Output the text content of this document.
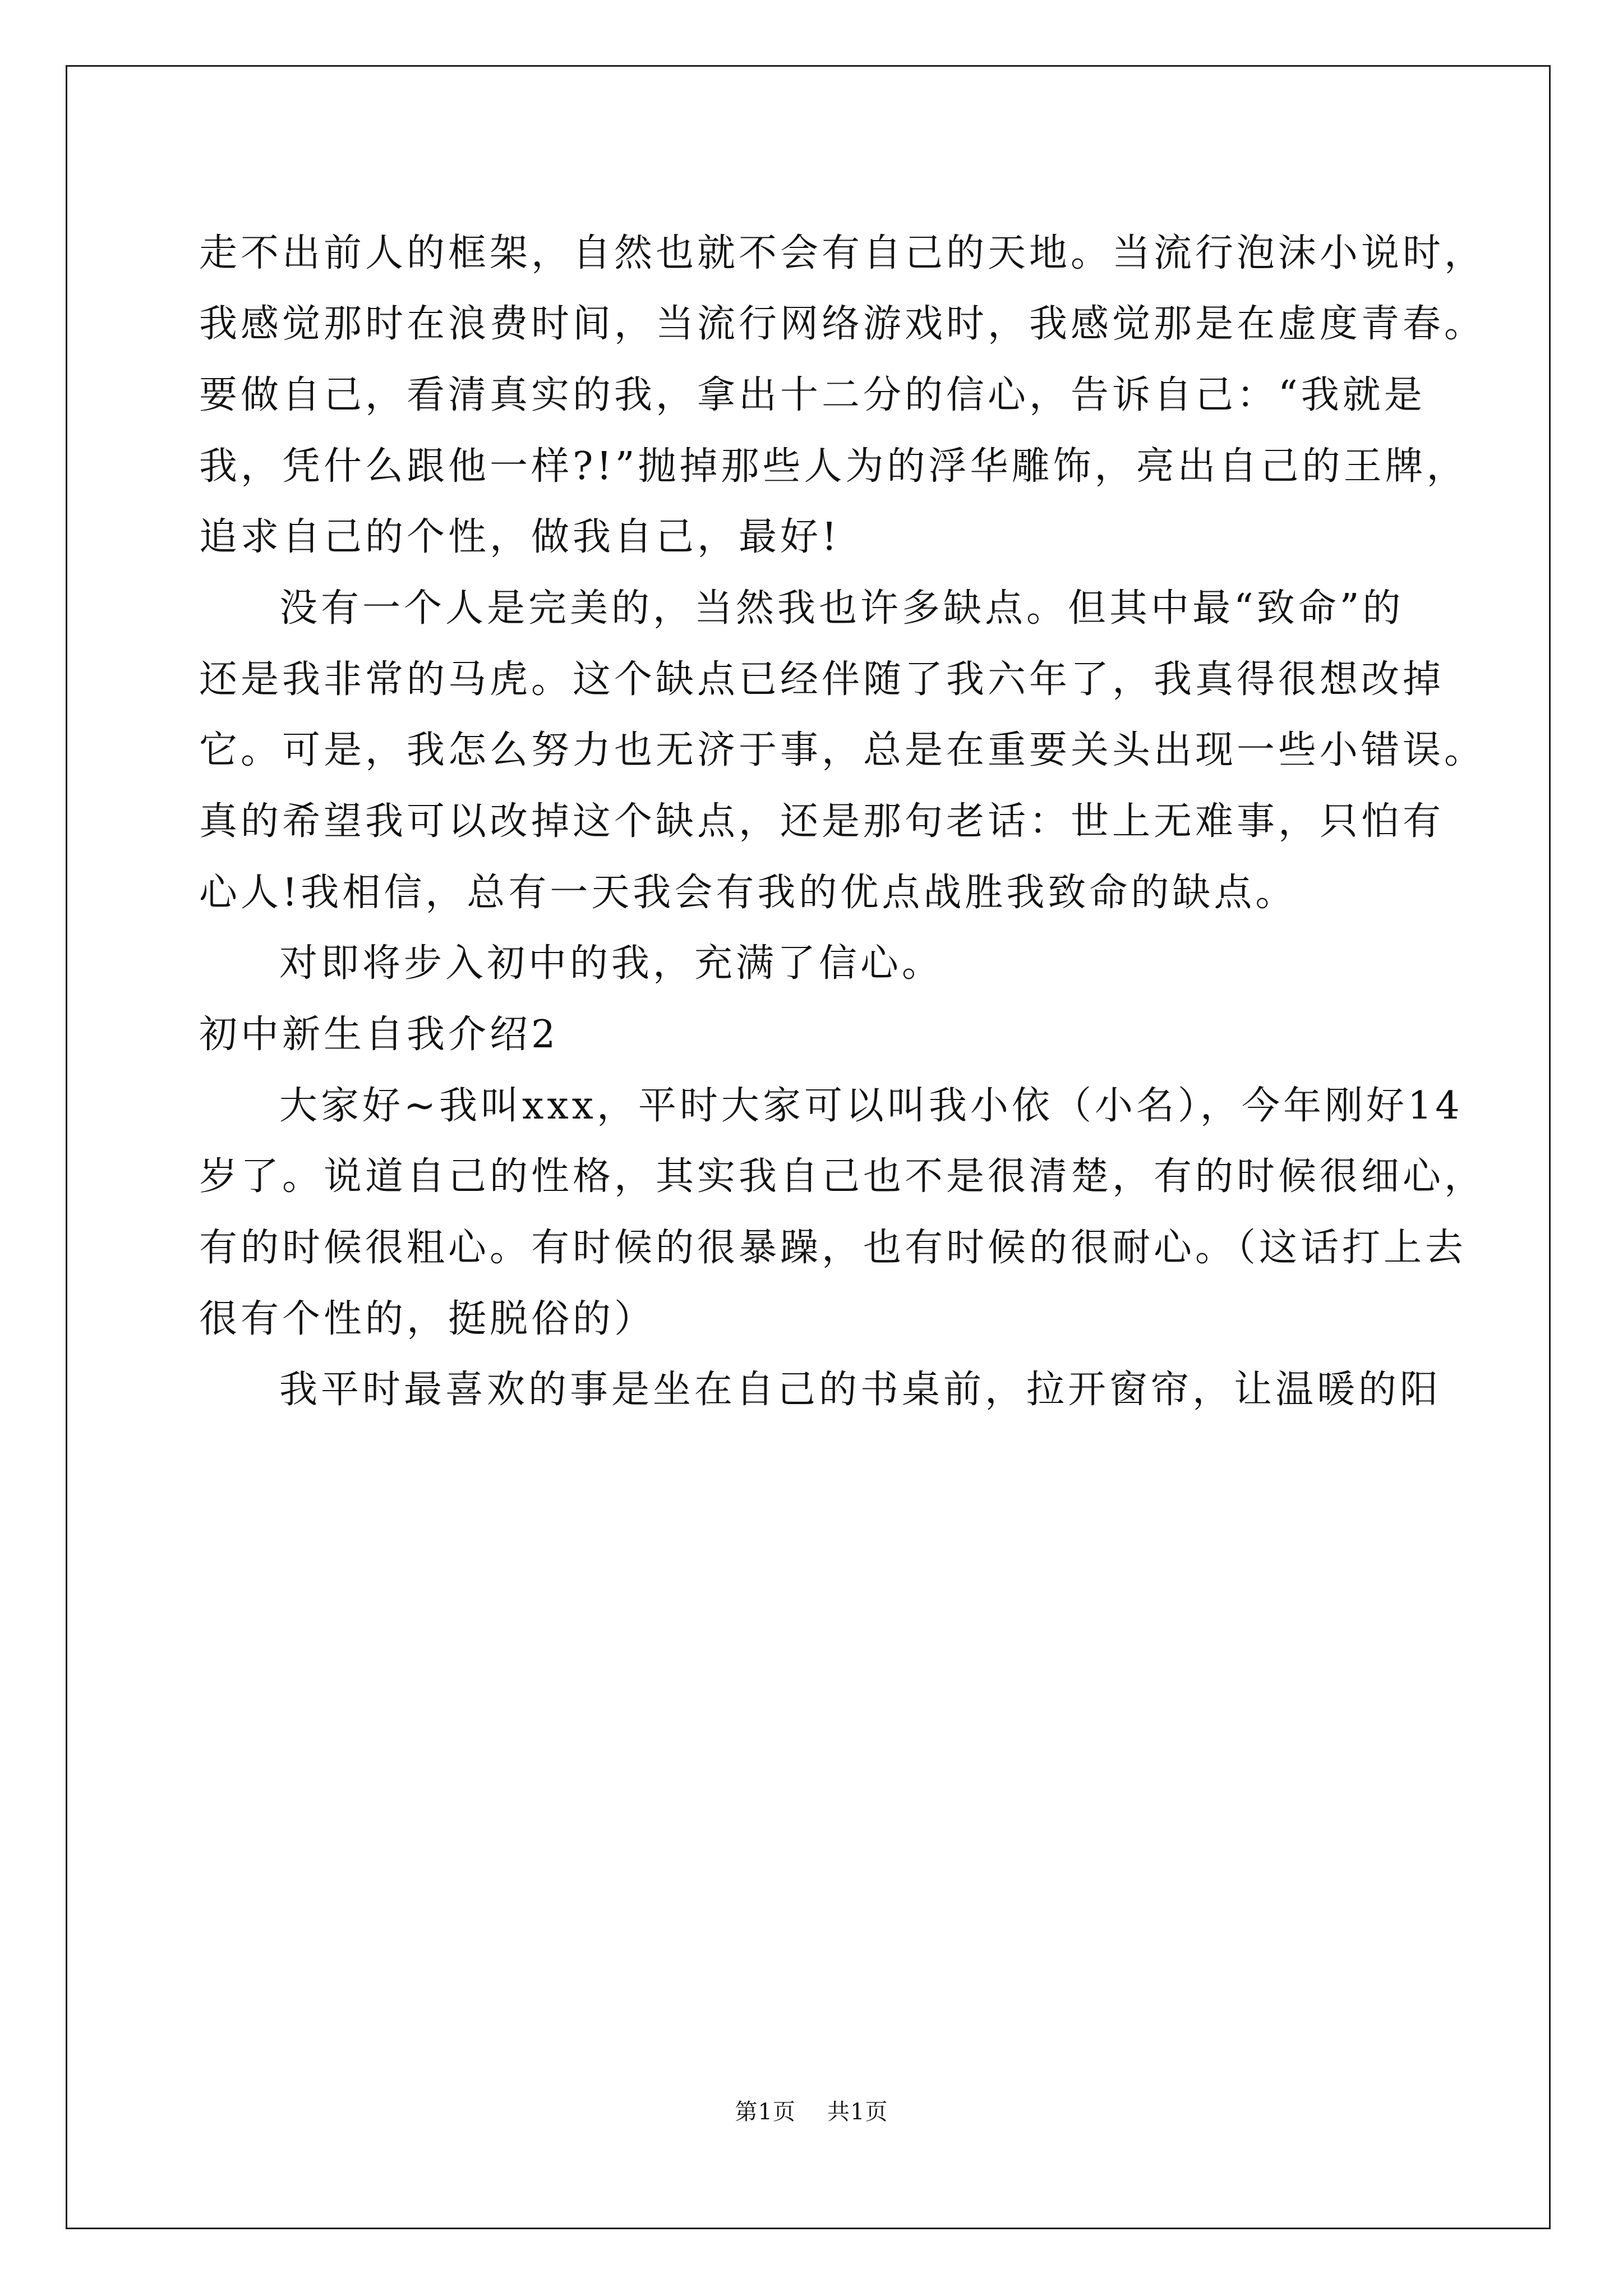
走不出前人的框架，自然也就不会有自己的天地。当流行泡沫小说时，
我感觉那时在浪费时间，当流行网络游戏时，我感觉那是在虚度青春。
要做自己，看清真实的我，拿出十二分的信心，告诉自己：“我就是
我，凭什么跟他一样?!”抛掉那些人为的浮华雕饰，亮出自己的王牌，
追求自己的个性，做我自己，最好!
没有一个人是完美的，当然我也许多缺点。但其中最“致命”的
还是我非常的马虎。这个缺点已经伴随了我六年了，我真得很想改掉
它。可是，我怎么努力也无济于事，总是在重要关头出现一些小错误。
真的希望我可以改掉这个缺点，还是那句老话：世上无难事，只怕有
心人!我相信，总有一天我会有我的优点战胜我致命的缺点。
对即将步入初中的我，充满了信心。
初中新生自我介绍2
大家好~我叫xxx，平时大家可以叫我小依（小名），今年刚好14
岁了。说道自己的性格，其实我自己也不是很清楚，有的时候很细心，
有的时候很粗心。有时候的很暴躁，也有时候的很耐心。（这话打上去
很有个性的，挺脱俗的）
我平时最喜欢的事是坐在自己的书桌前，拉开窗帘，让温暖的阳
第1页 共1页
